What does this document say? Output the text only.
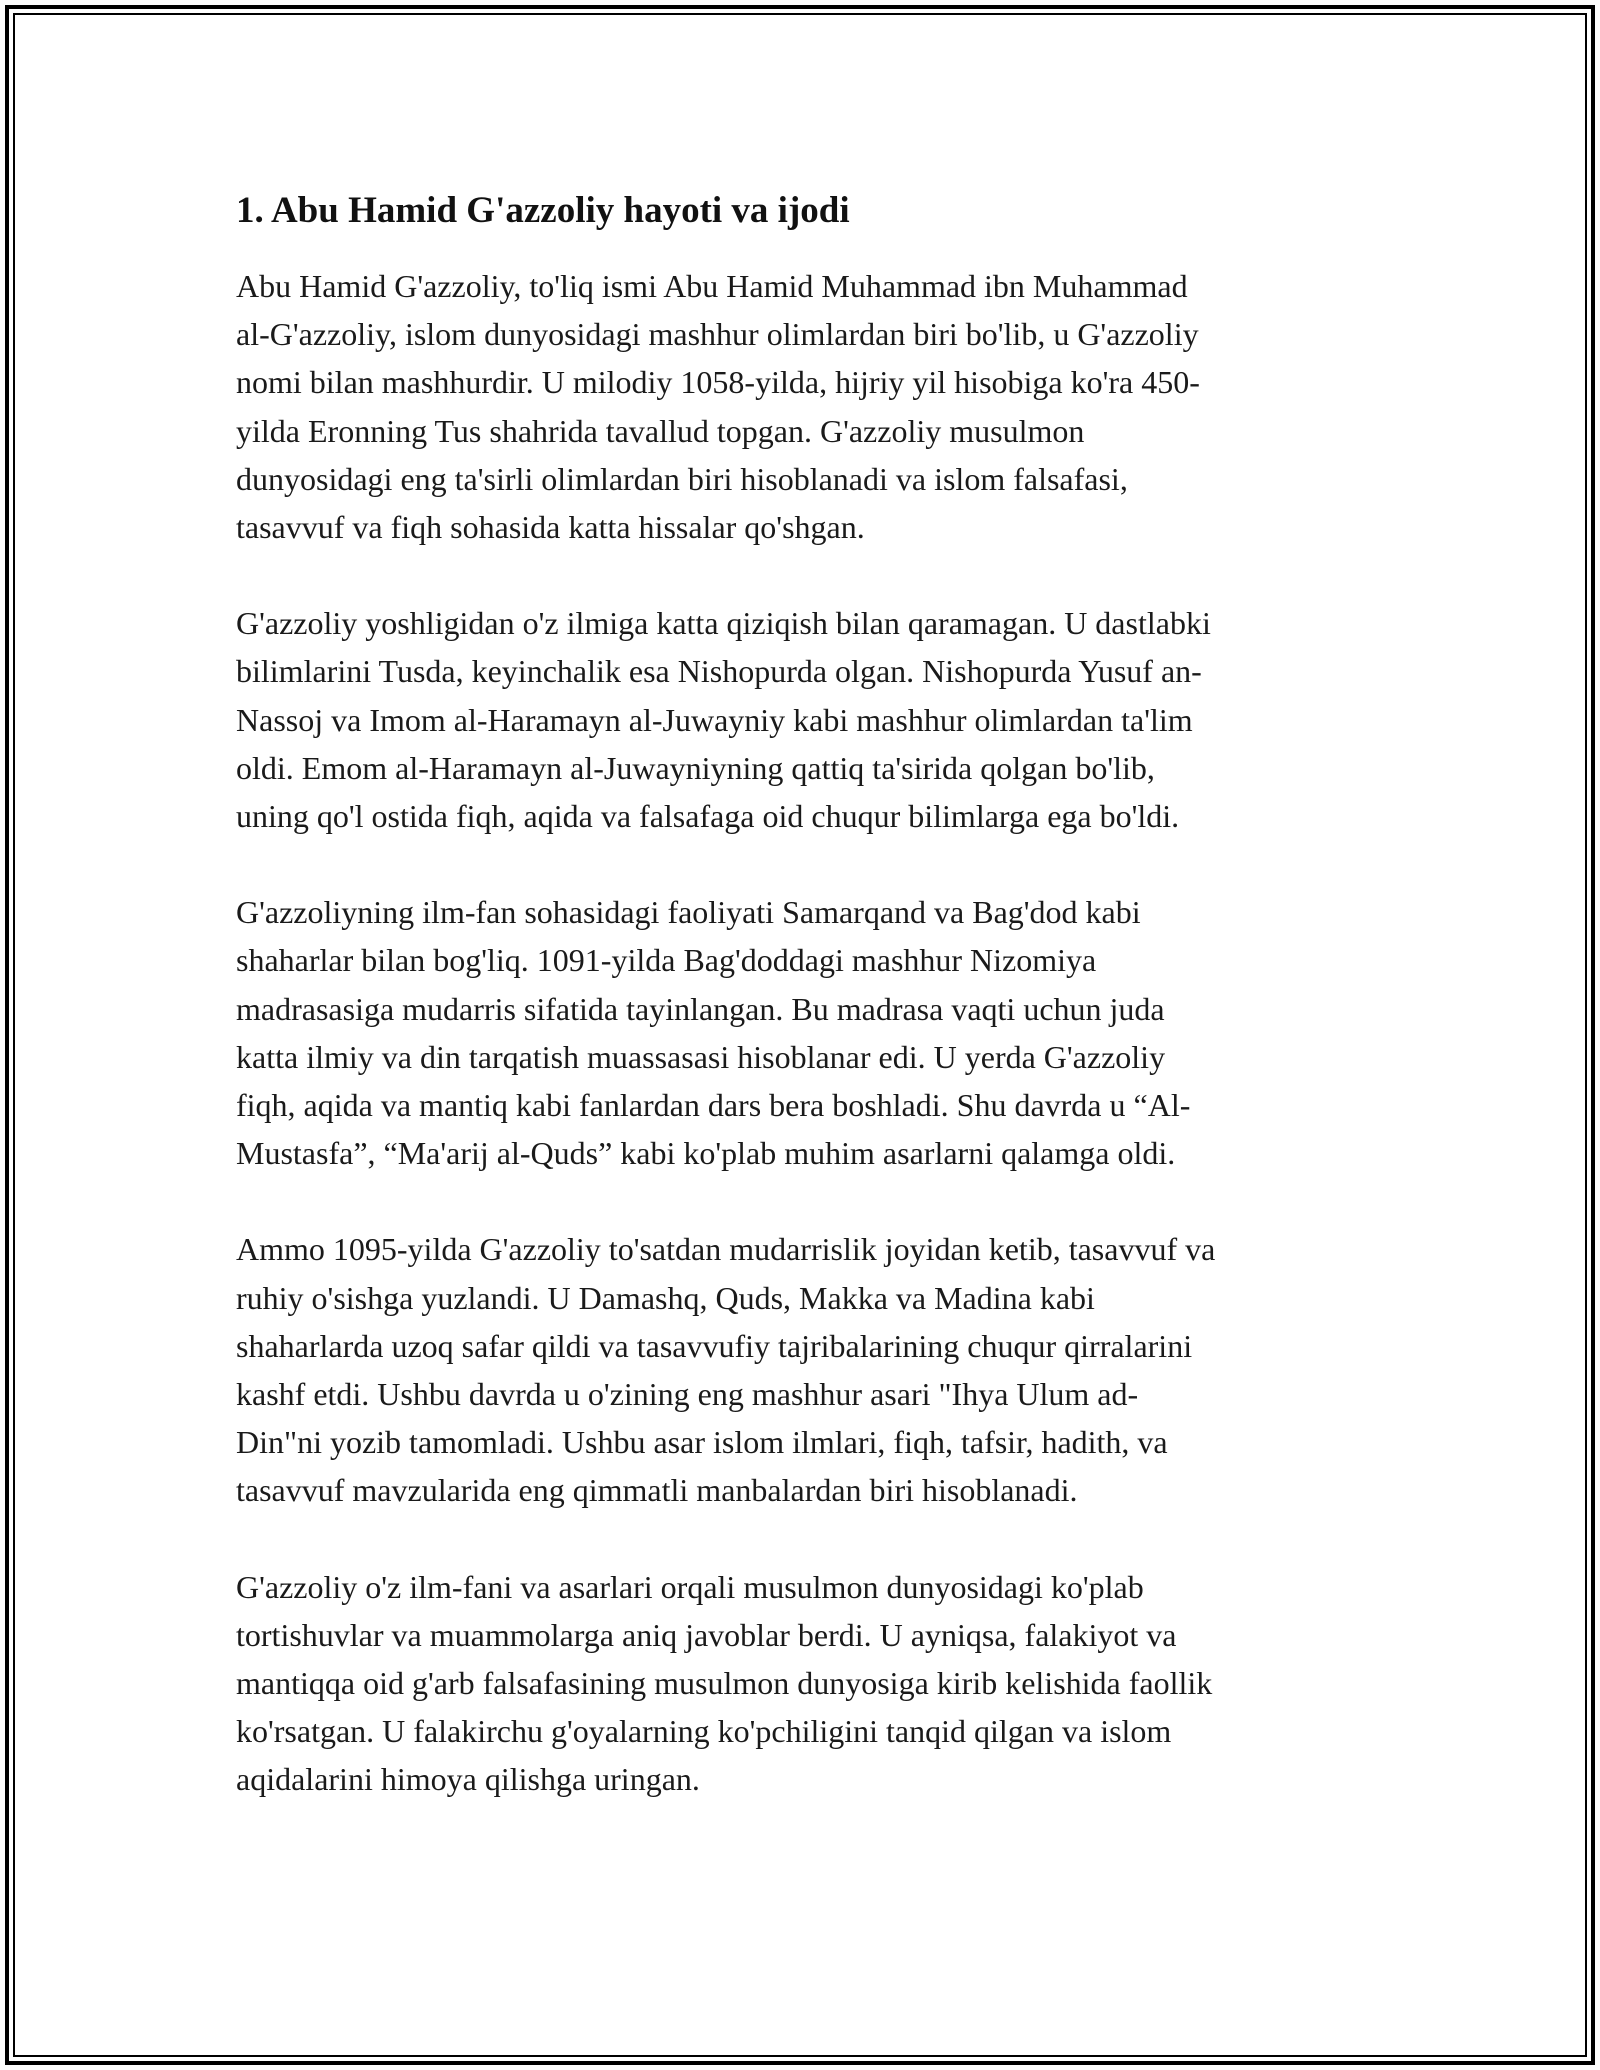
1. Abu Hamid G'azzoliy hayoti va ijodi

Abu Hamid G'azzoliy, to'liq ismi Abu Hamid Muhammad ibn Muhammad
al-G'azzoliy, islom dunyosidagi mashhur olimlardan biri bo'lib, u G'azzoliy
nomi bilan mashhurdir. U milodiy 1058-yilda, hijriy yil hisobiga ko'ra 450-
yilda Eronning Tus shahrida tavallud topgan. G'azzoliy musulmon
dunyosidagi eng ta'sirli olimlardan biri hisoblanadi va islom falsafasi,
tasavvuf va fiqh sohasida katta hissalar qo'shgan.

G'azzoliy yoshligidan o'z ilmiga katta qiziqish bilan qaramagan. U dastlabki
bilimlarini Tusda, keyinchalik esa Nishopurda olgan. Nishopurda Yusuf an-
Nassoj va Imom al-Haramayn al-Juwayniy kabi mashhur olimlardan ta'lim
oldi. Emom al-Haramayn al-Juwayniyning qattiq ta'sirida qolgan bo'lib,
uning qo'l ostida fiqh, aqida va falsafaga oid chuqur bilimlarga ega bo'ldi.

G'azzoliyning ilm-fan sohasidagi faoliyati Samarqand va Bag'dod kabi
shaharlar bilan bog'liq. 1091-yilda Bag'doddagi mashhur Nizomiya
madrasasiga mudarris sifatida tayinlangan. Bu madrasa vaqti uchun juda
katta ilmiy va din tarqatish muassasasi hisoblanar edi. U yerda G'azzoliy
fiqh, aqida va mantiq kabi fanlardan dars bera boshladi. Shu davrda u “Al-
Mustasfa”, “Ma'arij al-Quds” kabi ko'plab muhim asarlarni qalamga oldi.

Ammo 1095-yilda G'azzoliy to'satdan mudarrislik joyidan ketib, tasavvuf va
ruhiy o'sishga yuzlandi. U Damashq, Quds, Makka va Madina kabi
shaharlarda uzoq safar qildi va tasavvufiy tajribalarining chuqur qirralarini
kashf etdi. Ushbu davrda u o'zining eng mashhur asari "Ihya Ulum ad-
Din"ni yozib tamomladi. Ushbu asar islom ilmlari, fiqh, tafsir, hadith, va
tasavvuf mavzularida eng qimmatli manbalardan biri hisoblanadi.

G'azzoliy o'z ilm-fani va asarlari orqali musulmon dunyosidagi ko'plab
tortishuvlar va muammolarga aniq javoblar berdi. U ayniqsa, falakiyot va
mantiqqa oid g'arb falsafasining musulmon dunyosiga kirib kelishida faollik
ko'rsatgan. U falakirchu g'oyalarning ko'pchiligini tanqid qilgan va islom
aqidalarini himoya qilishga uringan.
